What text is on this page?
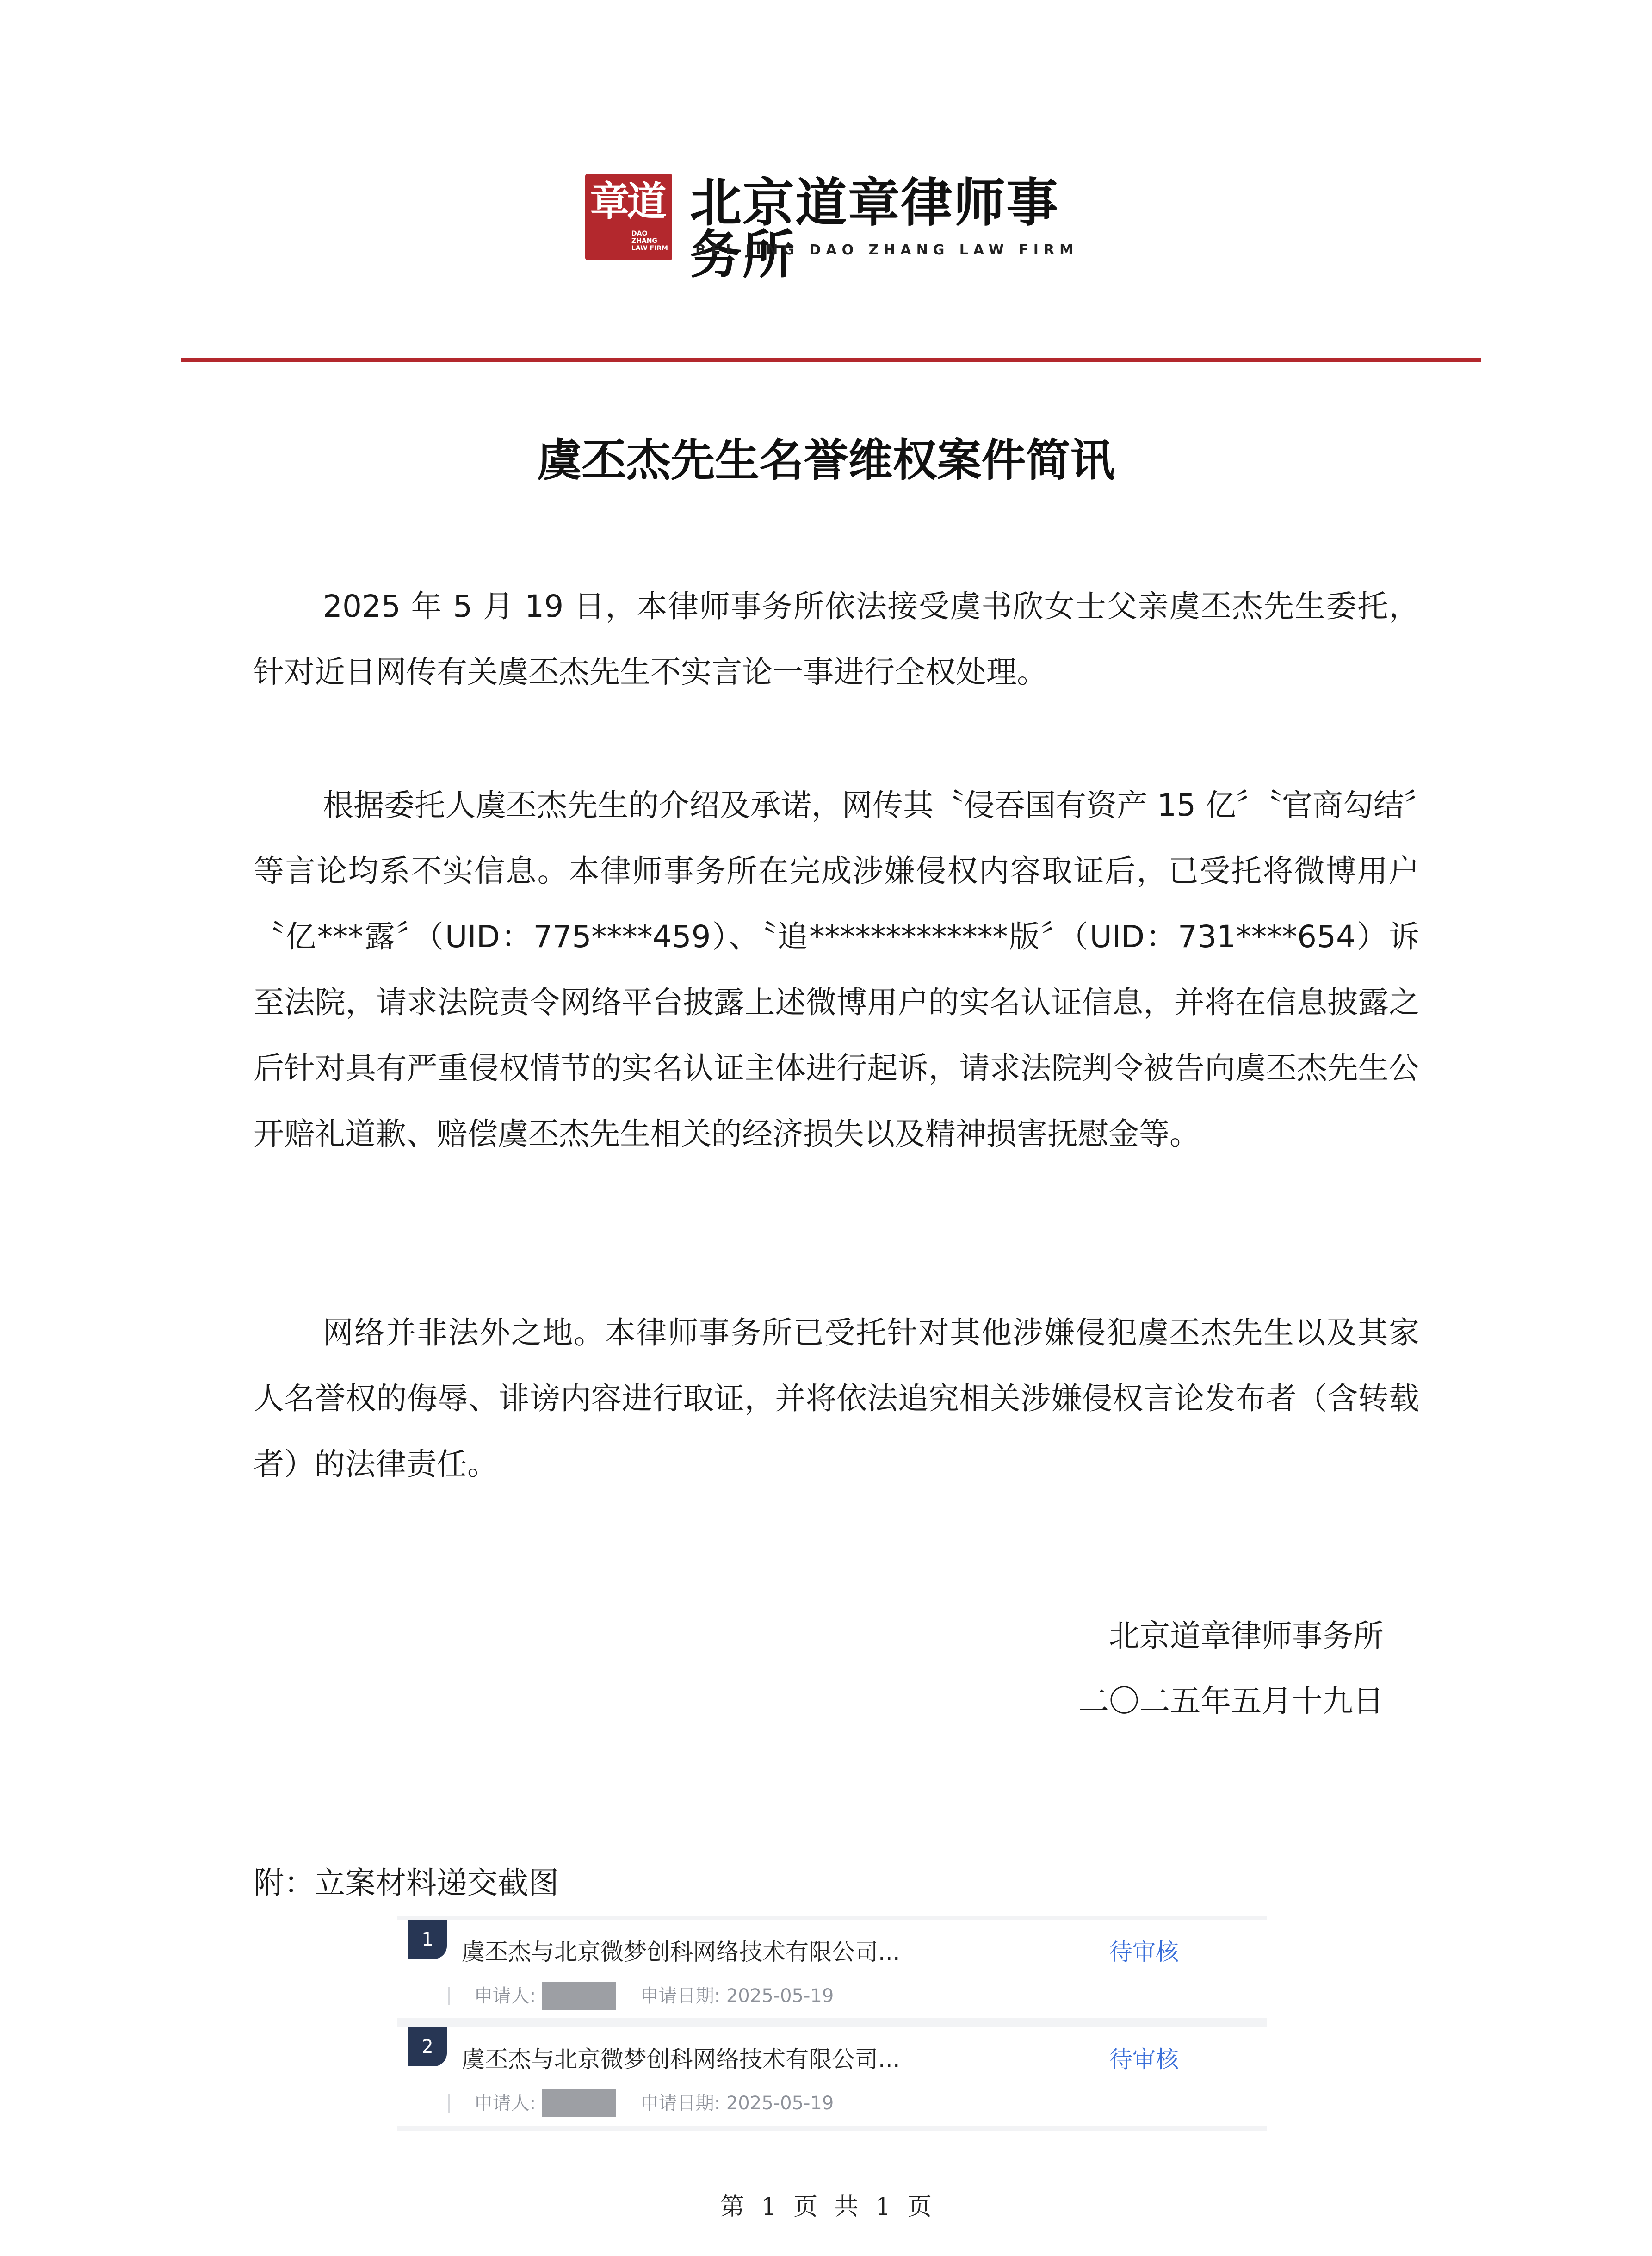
章道
DAO ZHANG
LAW FIRM
北京道章律师事务所
BEI JING DAO ZHANG LAW FIRM
虞丕杰先生名誉维权案件简讯

2025 年 5 月 19 日，本律师事务所依法接受虞书欣女士父亲虞丕杰先生委托，针对近日网传有关虞丕杰先生不实言论一事进行全权处理。

根据委托人虞丕杰先生的介绍及承诺，网传其〝侵吞国有资产 15 亿〞〝官商勾结〞等言论均系不实信息。本律师事务所在完成涉嫌侵权内容取证后，已受托将微博用户〝亿***露〞（UID：775****459）、〝追*************版〞（UID：731****654）诉至法院，请求法院责令网络平台披露上述微博用户的实名认证信息，并将在信息披露之后针对具有严重侵权情节的实名认证主体进行起诉，请求法院判令被告向虞丕杰先生公开赔礼道歉、赔偿虞丕杰先生相关的经济损失以及精神损害抚慰金等。

网络并非法外之地。本律师事务所已受托针对其他涉嫌侵犯虞丕杰先生以及其家人名誉权的侮辱、诽谤内容进行取证，并将依法追究相关涉嫌侵权言论发布者（含转载者）的法律责任。

北京道章律师事务所
二〇二五年五月十九日
附：立案材料递交截图
1	虞丕杰与北京微梦创科网络技术有限公司...	待审核
申请人:	申请日期: 2025-05-19
2	虞丕杰与北京微梦创科网络技术有限公司...	待审核
申请人:	申请日期: 2025-05-19
第 1 页 共 1 页
